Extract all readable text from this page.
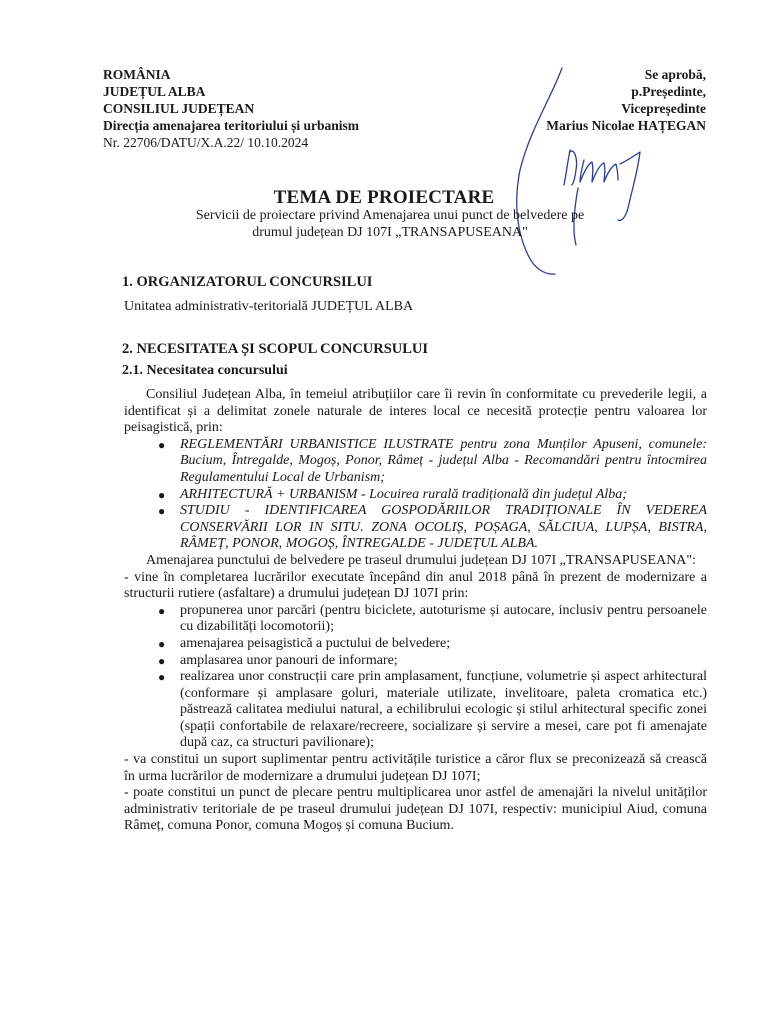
ROMÂNIA
JUDEȚUL ALBA
CONSILIUL JUDEȚEAN
Direcția amenajarea teritoriului și urbanism
Nr. 22706/DATU/X.A.22/ 10.10.2024
Se aprobă,
p.Președinte,
Vicepreședinte
Marius Nicolae HAȚEGAN
TEMA DE PROIECTARE
Servicii de proiectare privind Amenajarea unui punct de belvedere pe
drumul județean DJ 107I „TRANSAPUSEANA"
1. ORGANIZATORUL CONCURSILUI
Unitatea administrativ-teritorială JUDEȚUL ALBA
2. NECESITATEA ȘI SCOPUL CONCURSULUI
2.1. Necesitatea concursului

Consiliul Județean Alba, în temeiul atribuțiilor care îi revin în conformitate cu prevederile legii, a identificat și a delimitat zonele naturale de interes local ce necesită protecție pentru valoarea lor peisagistică, prin:

● REGLEMENTĂRI URBANISTICE ILUSTRATE pentru zona Munților Apuseni, comunele: Bucium, Întregalde, Mogoș, Ponor, Râmeț - județul Alba - Recomandări pentru întocmirea Regulamentului Local de Urbanism;
● ARHITECTURĂ + URBANISM - Locuirea rurală tradițională din județul Alba;
● STUDIU - IDENTIFICAREA GOSPODĂRIILOR TRADIȚIONALE ÎN VEDEREA CONSERVĂRII LOR IN SITU. ZONA OCOLIȘ, POȘAGA, SĂLCIUA, LUPȘA, BISTRA, RÂMEȚ, PONOR, MOGOȘ, ÎNTREGALDE - JUDEȚUL ALBA.

Amenajarea punctului de belvedere pe traseul drumului județean DJ 107I „TRANSAPUSEANA":

- vine în completarea lucrărilor executate începând din anul 2018 până în prezent de modernizare a structurii rutiere (asfaltare) a drumului județean DJ 107I prin:

● propunerea unor parcări (pentru biciclete, autoturisme și autocare, inclusiv pentru persoanele cu dizabilități locomotorii);
● amenajarea peisagistică a puctului de belvedere;
● amplasarea unor panouri de informare;
● realizarea unor construcții care prin amplasament, funcțiune, volumetrie și aspect arhitectural (conformare și amplasare goluri, materiale utilizate, invelitoare, paleta cromatica etc.) păstrează calitatea mediului natural, a echilibrului ecologic și stilul arhitectural specific zonei (spații confortabile de relaxare/recreere, socializare și servire a mesei, care pot fi amenajate după caz, ca structuri pavilionare);

- va constitui un suport suplimentar pentru activitățile turistice a căror flux se preconizează să crească în urma lucrărilor de modernizare a drumului județean DJ 107I;

- poate constitui un punct de plecare pentru multiplicarea unor astfel de amenajări la nivelul unităților administrativ teritoriale de pe traseul drumului județean DJ 107I, respectiv: municipiul Aiud, comuna Râmeț, comuna Ponor, comuna Mogoș și comuna Bucium.
